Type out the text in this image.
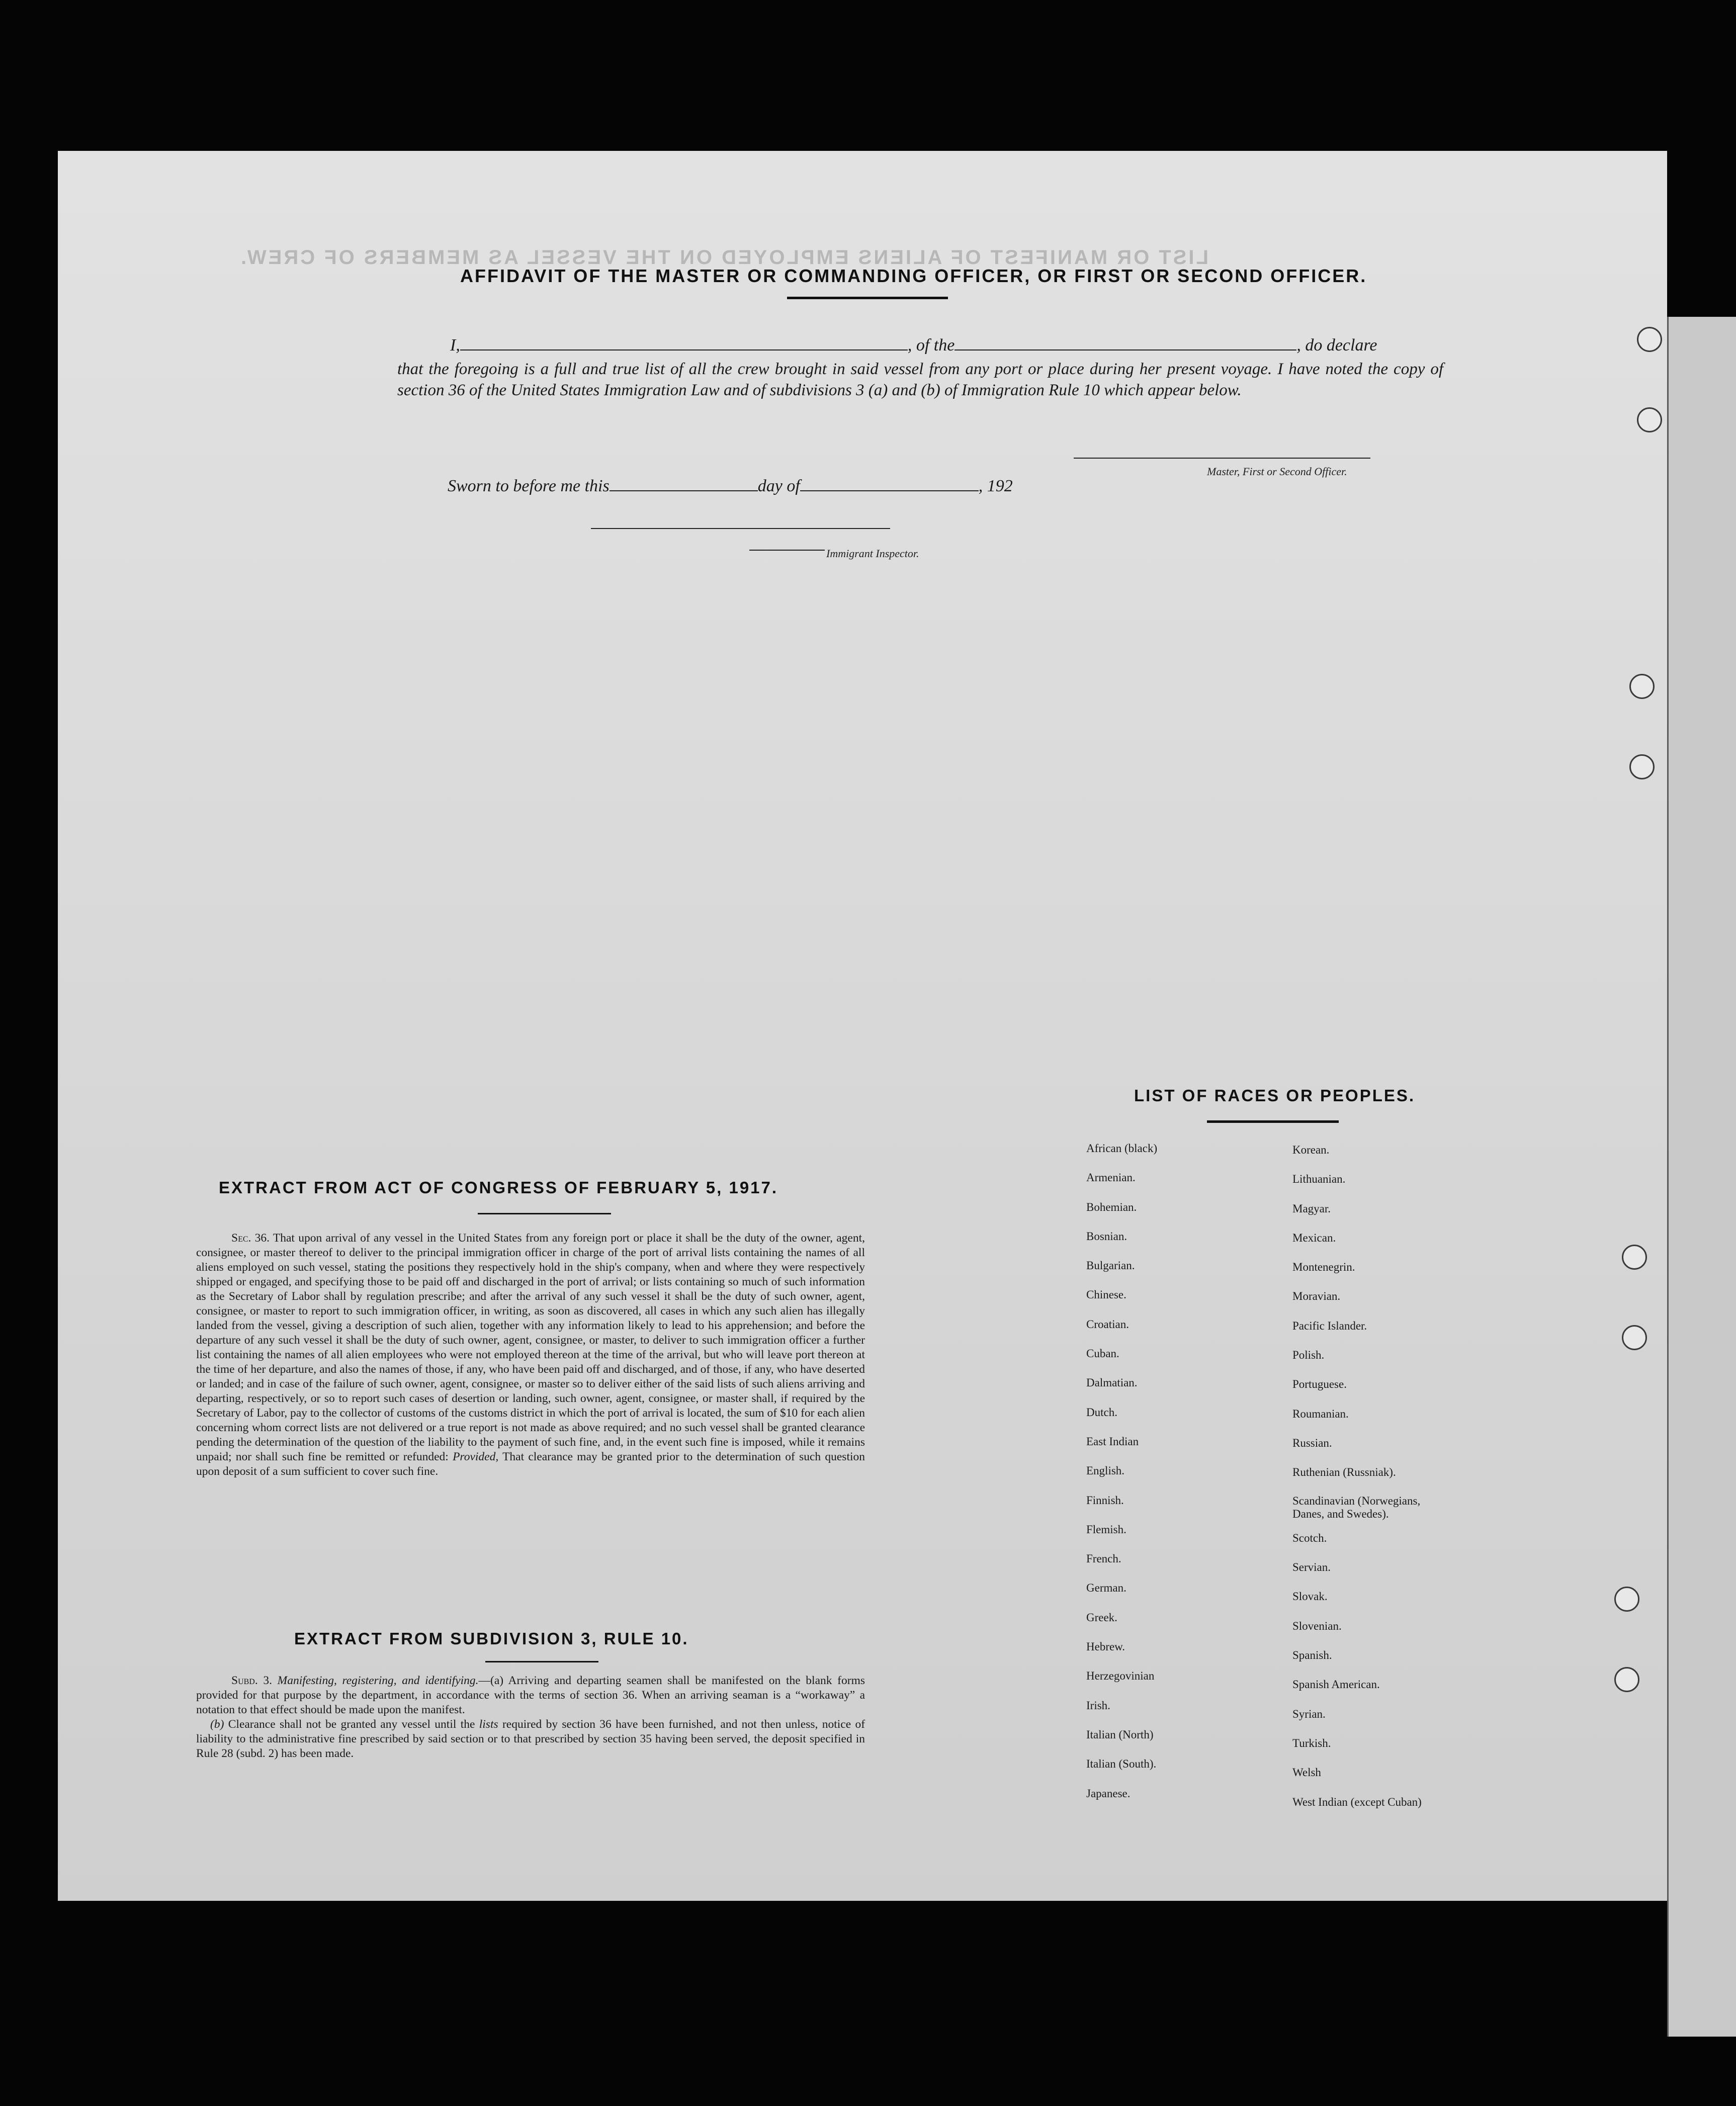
LIST OR MANIFEST OF ALIENS EMPLOYED ON THE VESSEL AS MEMBERS OF CREW.
AFFIDAVIT OF THE MASTER OR COMMANDING OFFICER, OR FIRST OR SECOND OFFICER.
I,	, of the	, do declare
that the foregoing is a full and true list of all the crew brought in said vessel from any port or place during her present voyage. I have noted the copy of section 36 of the United States Immigration Law and of subdivisions 3 (a) and (b) of Immigration Rule 10 which appear below.
Master, First or Second Officer.
Sworn to before me this	day of	, 192
Immigrant Inspector.
EXTRACT FROM ACT OF CONGRESS OF FEBRUARY 5, 1917.
Sec. 36. That upon arrival of any vessel in the United States from any foreign port or place it shall be the duty of the owner, agent, consignee, or master thereof to deliver to the principal immigration officer in charge of the port of arrival lists containing the names of all aliens employed on such vessel, stating the positions they respectively hold in the ship's company, when and where they were respectively shipped or engaged, and specifying those to be paid off and discharged in the port of arrival; or lists containing so much of such information as the Secretary of Labor shall by regulation prescribe; and after the arrival of any such vessel it shall be the duty of such owner, agent, consignee, or master to report to such immigration officer, in writing, as soon as discovered, all cases in which any such alien has illegally landed from the vessel, giving a description of such alien, together with any information likely to lead to his apprehension; and before the departure of any such vessel it shall be the duty of such owner, agent, consignee, or master, to deliver to such immigration officer a further list containing the names of all alien employees who were not employed thereon at the time of the arrival, but who will leave port thereon at the time of her departure, and also the names of those, if any, who have been paid off and discharged, and of those, if any, who have deserted or landed; and in case of the failure of such owner, agent, consignee, or master so to deliver either of the said lists of such aliens arriving and departing, respectively, or so to report such cases of desertion or landing, such owner, agent, consignee, or master shall, if required by the Secretary of Labor, pay to the collector of customs of the customs district in which the port of arrival is located, the sum of $10 for each alien concerning whom correct lists are not delivered or a true report is not made as above required; and no such vessel shall be granted clearance pending the determination of the question of the liability to the payment of such fine, and, in the event such fine is imposed, while it remains unpaid; nor shall such fine be remitted or refunded: Provided, That clearance may be granted prior to the determination of such question upon deposit of a sum sufficient to cover such fine.
EXTRACT FROM SUBDIVISION 3, RULE 10.
Subd. 3. Manifesting, registering, and identifying.—(a) Arriving and departing seamen shall be manifested on the blank forms provided for that purpose by the department, in accordance with the terms of section 36. When an arriving seaman is a “workaway” a notation to that effect should be made upon the manifest.
(b) Clearance shall not be granted any vessel until the lists required by section 36 have been furnished, and not then unless, notice of liability to the administrative fine prescribed by said section or to that prescribed by section 35 having been served, the deposit specified in Rule 28 (subd. 2) has been made.
LIST OF RACES OR PEOPLES.
African (black)
Armenian.
Bohemian.
Bosnian.
Bulgarian.
Chinese.
Croatian.
Cuban.
Dalmatian.
Dutch.
East Indian
English.
Finnish.
Flemish.
French.
German.
Greek.
Hebrew.
Herzegovinian
Irish.
Italian (North)
Italian (South).
Japanese.
Korean.
Lithuanian.
Magyar.
Mexican.
Montenegrin.
Moravian.
Pacific Islander.
Polish.
Portuguese.
Roumanian.
Russian.
Ruthenian (Russniak).
Scandinavian (Norwegians, Danes, and Swedes).
Scotch.
Servian.
Slovak.
Slovenian.
Spanish.
Spanish American.
Syrian.
Turkish.
Welsh
West Indian (except Cuban)
